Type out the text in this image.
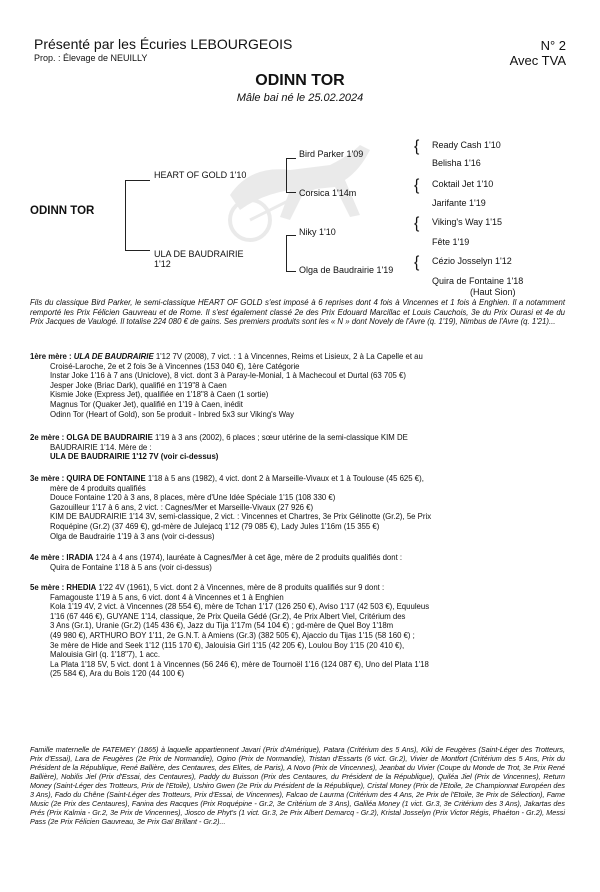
Présenté par les Écuries LEBOURGEOIS
Prop. : Élevage de NEUILLY
N° 2
Avec TVA
ODINN TOR
Mâle bai né le 25.02.2024
ODINN TOR
HEART OF GOLD 1'10
ULA DE BAUDRAIRIE
1'12
Bird Parker 1'09
Corsica 1'14m
Niky 1'10
Olga de Baudrairie 1'19
{
{
{
{
Ready Cash 1'10
Belisha 1'16
Coktail Jet 1'10
Jarifante 1'19
Viking's Way 1'15
Fête 1'19
Cézio Josselyn 1'12
Quira de Fontaine 1'18
(Haut Sion)
Fils du classique Bird Parker, le semi-classique HEART OF GOLD s'est imposé à 6 reprises dont 4 fois à Vincennes et 1 fois à Enghien. Il a notamment remporté les Prix Félicien Gauvreau et de Rome. Il s'est également classé 2e des Prix Edouard Marcillac et Louis Cauchois, 3e du Prix Ourasi et 4e du Prix Jacques de Vaulogé. Il totalise 224 080 € de gains. Ses premiers produits sont les « N » dont Novely de l'Avre (q. 1'19), Nimbus de l'Avre (q. 1'21)...

1ère mère : ULA DE BAUDRAIRIE 1'12 7V (2008), 7 vict. : 1 à Vincennes, Reims et Lisieux, 2 à La Capelle et au

Croisé-Laroche, 2e et 2 fois 3e à Vincennes (153 040 €), 1ère Catégorie

Instar Joke 1'16 à 7 ans (Uniclove), 8 vict. dont 3 à Paray-le-Monial, 1 à Machecoul et Durtal (63 705 €)

Jesper Joke (Briac Dark), qualifié en 1'19"8 à Caen

Kismie Joke (Express Jet), qualifiée en 1'18"8 à Caen (1 sortie)

Magnus Tor (Quaker Jet), qualifié en 1'19 à Caen, inédit

Odinn Tor (Heart of Gold), son 5e produit - Inbred 5x3 sur Viking's Way

2e mère : OLGA DE BAUDRAIRIE 1'19 à 3 ans (2002), 6 places ; sœur utérine de la semi-classique KIM DE

BAUDRAIRIE 1'14. Mère de :

ULA DE BAUDRAIRIE 1'12 7V (voir ci-dessus)

3e mère : QUIRA DE FONTAINE 1'18 à 5 ans (1982), 4 vict. dont 2 à Marseille-Vivaux et 1 à Toulouse (45 625 €),

mère de 4 produits qualifiés

Douce Fontaine 1'20 à 3 ans, 8 places, mère d'Une Idée Spéciale 1'15 (108 330 €)

Gazouilleur 1'17 à 6 ans, 2 vict. : Cagnes/Mer et Marseille-Vivaux (27 926 €)

KIM DE BAUDRAIRIE 1'14 3V, semi-classique, 2 vict. : Vincennes et Chartres, 3e Prix Gélinotte (Gr.2), 5e Prix

Roquépine (Gr.2) (37 469 €), gd-mère de Julejacq 1'12 (79 085 €), Lady Jules 1'16m (15 355 €)

Olga de Baudrairie 1'19 à 3 ans (voir ci-dessus)

4e mère : IRADIA 1'24 à 4 ans (1974), lauréate à Cagnes/Mer à cet âge, mère de 2 produits qualifiés dont :

Quira de Fontaine 1'18 à 5 ans (voir ci-dessus)

5e mère : RHEDIA 1'22 4V (1961), 5 vict. dont 2 à Vincennes, mère de 8 produits qualifiés sur 9 dont :

Famagouste 1'19 à 5 ans, 6 vict. dont 4 à Vincennes et 1 à Enghien

Kola 1'19 4V, 2 vict. à Vincennes (28 554 €), mère de Tchan 1'17 (126 250 €), Aviso 1'17 (42 503 €), Equuleus

1'16 (67 446 €), GUYANE 1'14, classique, 2e Prix Queila Gédé (Gr.2), 4e Prix Albert Viel, Critérium des

3 Ans (Gr.1), Uranie (Gr.2) (145 436 €), Jazz du Tija 1'17m (54 104 €) ; gd-mère de Quel Boy 1'18m

(49 980 €), ARTHURO BOY 1'11, 2e G.N.T. à Amiens (Gr.3) (382 505 €), Ajaccio du Tijas 1'15 (58 160 €) ;

3e mère de Hide and Seek 1'12 (115 170 €), Jalouisia Girl 1'15 (42 205 €), Loulou Boy 1'15 (20 410 €),

Malouisia Girl (q. 1'18"7), 1 acc.

La Plata 1'18 5V, 5 vict. dont 1 à Vincennes (56 246 €), mère de Tournoël 1'16 (124 087 €), Uno del Plata 1'18

(25 584 €), Ara du Bois 1'20 (44 100 €)

Famille maternelle de FATEMEY (1865) à laquelle appartiennent Javari (Prix d'Amérique), Patara (Critérium des 5 Ans), Kiki de Feugères (Saint-Léger des Trotteurs, Prix d'Essai), Lara de Feugères (2e Prix de Normandie), Ogino (Prix de Normandie), Tristan d'Essarts (6 vict. Gr.2), Vivier de Montfort (Critérium des 5 Ans, Prix du Président de la République, René Ballière, des Centaures, des Elites, de Paris), A Novo (Prix de Vincennes), Jeanbat du Vivier (Coupe du Monde de Trot, 3e Prix René Ballière), Nobilis Jiel (Prix d'Essai, des Centaures), Paddy du Buisson (Prix des Centaures, du Président de la République), Quiléa Jiel (Prix de Vincennes), Return Money (Saint-Léger des Trotteurs, Prix de l'Etoile), Ushiro Gwen (2e Prix du Président de la République), Cristal Money (Prix de l'Etoile, 2e Championnat Européen des 3 Ans), Fado du Chêne (Saint-Léger des Trotteurs, Prix d'Essai, de Vincennes), Falcao de Laurma (Critérium des 4 Ans, 2e Prix de l'Etoile, 3e Prix de Sélection), Fame Music (2e Prix des Centaures), Fanina des Racques (Prix Roquépine - Gr.2, 3e Critérium de 3 Ans), Galiléa Money (1 vict. Gr.3, 3e Critérium des 3 Ans), Jakartas des Prés (Prix Kalmia - Gr.2, 3e Prix de Vincennes), Jiosco de Phyt's (1 vict. Gr.3, 2e Prix Albert Demarcq - Gr.2), Kristal Josselyn (Prix Victor Régis, Phaéton - Gr.2), Messi Pass (2e Prix Félicien Gauvreau, 3e Prix Gaï Brillant - Gr.2)...
